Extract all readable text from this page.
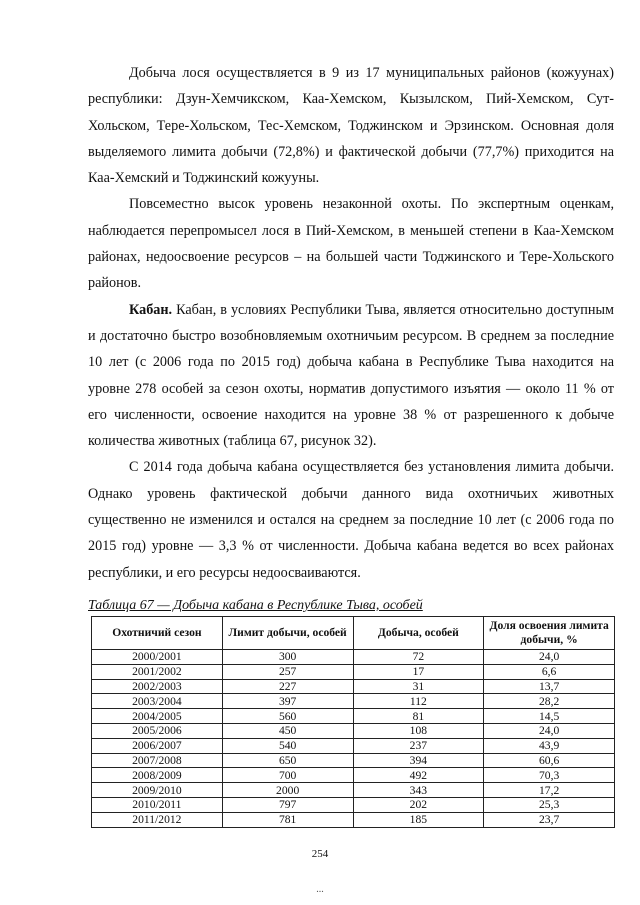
Добыча лося осуществляется в 9 из 17 муниципальных районов (кожуунах) республики: Дзун-Хемчикском, Каа-Хемском, Кызылском, Пий-Хемском, Сут-Хольском, Тере-Хольском, Тес-Хемском, Тоджинском и Эрзинском. Основная доля выделяемого лимита добычи (72,8%) и фактической добычи (77,7%) приходится на Каа-Хемский и Тоджинский кожууны.

Повсеместно высок уровень незаконной охоты. По экспертным оценкам, наблюдается перепромысел лося в Пий-Хемском, в меньшей степени в Каа-Хемском районах, недоосвоение ресурсов – на большей части Тоджинского и Тере-Хольского районов.

Кабан. Кабан, в условиях Республики Тыва, является относительно доступным и достаточно быстро возобновляемым охотничьим ресурсом. В среднем за последние 10 лет (с 2006 года по 2015 год) добыча кабана в Республике Тыва находится на уровне 278 особей за сезон охоты, норматив допустимого изъятия — около 11 % от его численности, освоение находится на уровне 38 % от разрешенного к добыче количества животных (таблица 67, рисунок 32).

С 2014 года добыча кабана осуществляется без установления лимита добычи. Однако уровень фактической добычи данного вида охотничьих животных существенно не изменился и остался на среднем за последние 10 лет (с 2006 года по 2015 год) уровне — 3,3 % от численности. Добыча кабана ведется во всех районах республики, и его ресурсы недоосваиваются.

Таблица 67 — Добыча кабана в Республике Тыва, особей
Охотничий сезон	Лимит добычи, особей	Добыча, особей	Доля освоения лимита добычи, %
2000/2001	300	72	24,0
2001/2002	257	17	6,6
2002/2003	227	31	13,7
2003/2004	397	112	28,2
2004/2005	560	81	14,5
2005/2006	450	108	24,0
2006/2007	540	237	43,9
2007/2008	650	394	60,6
2008/2009	700	492	70,3
2009/2010	2000	343	17,2
2010/2011	797	202	25,3
2011/2012	781	185	23,7
254
...
